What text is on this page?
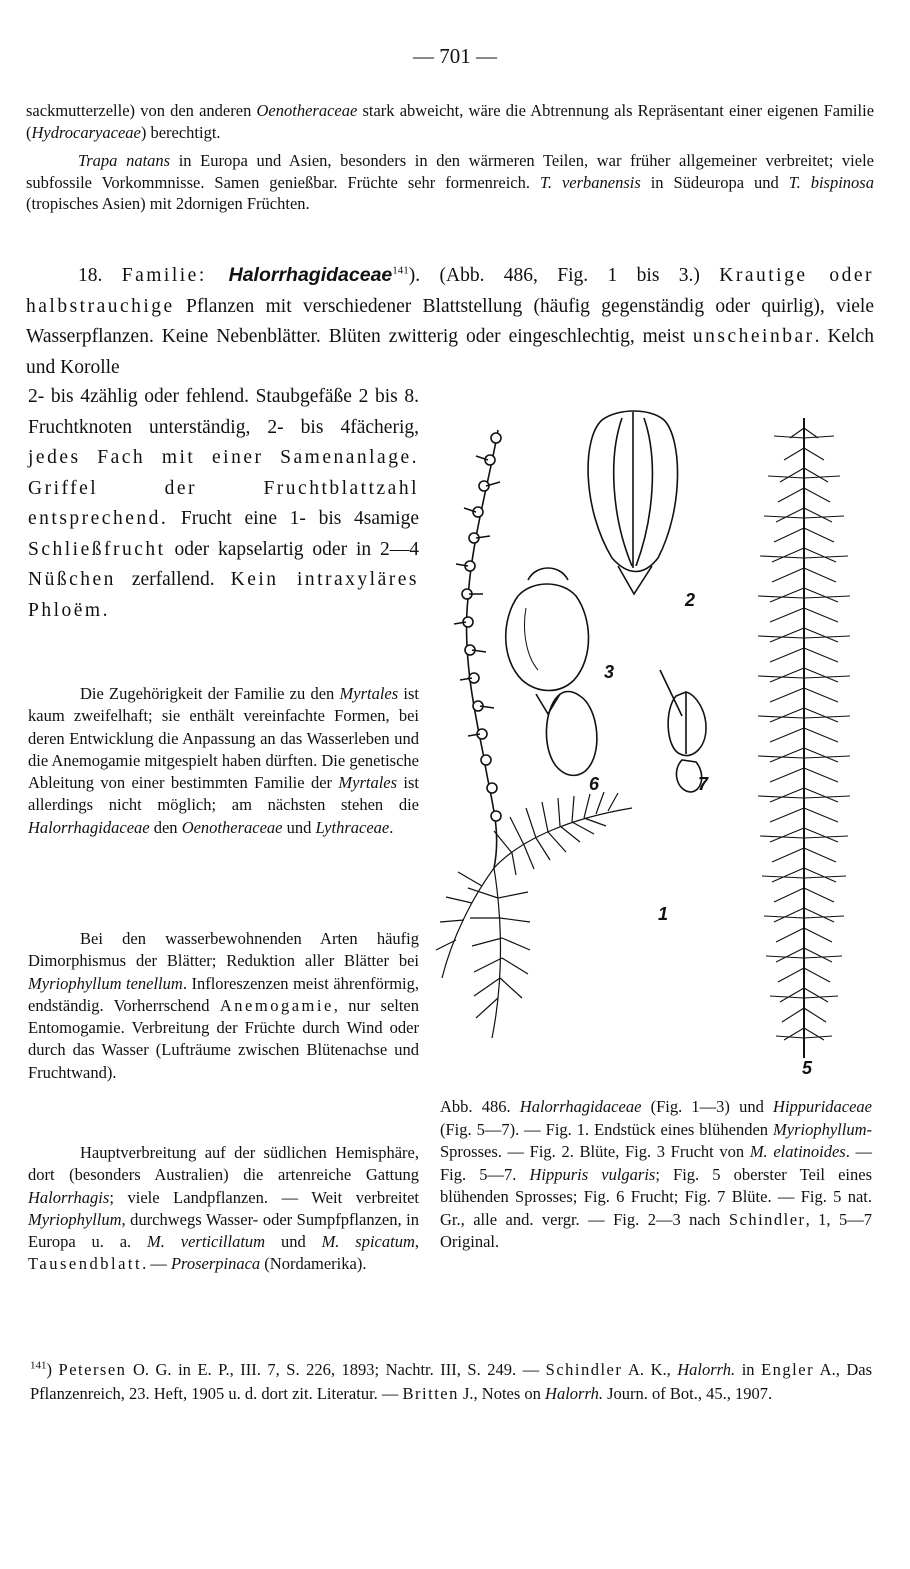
— 701 —

sackmutterzelle) von den anderen Oenotheraceae stark abweicht, wäre die Abtrennung als Repräsentant einer eigenen Familie (Hydrocaryaceae) berechtigt.

Trapa natans in Europa und Asien, besonders in den wärmeren Teilen, war früher allgemeiner verbreitet; viele subfossile Vorkommnisse. Samen genießbar. Früchte sehr formenreich. T. verbanensis in Südeuropa und T. bispinosa (tropisches Asien) mit 2dornigen Früchten.

18. Familie: Halorrhagidaceae$^{141}$). (Abb. 486, Fig. 1 bis 3.) Krautige oder halbstrauchige Pflanzen mit verschiedener Blattstellung (häufig gegenständig oder quirlig), viele Wasserpflanzen. Keine Nebenblätter. Blüten zwitterig oder eingeschlechtig, meist unscheinbar. Kelch und Korolle

2- bis 4zählig oder fehlend. Staubgefäße 2 bis 8. Fruchtknoten unterständig, 2- bis 4fächerig, jedes Fach mit einer Samenanlage. Griffel der Fruchtblattzahl entsprechend. Frucht eine 1- bis 4samige Schließfrucht oder kapselartig oder in 2—4 Nüßchen zerfallend. Kein intraxyläres Phloëm.

Die Zugehörigkeit der Familie zu den Myrtales ist kaum zweifelhaft; sie enthält vereinfachte Formen, bei deren Entwicklung die Anpassung an das Wasserleben und die Anemogamie mitgespielt haben dürften. Die genetische Ableitung von einer bestimmten Familie der Myrtales ist allerdings nicht möglich; am nächsten stehen die Halorrhagidaceae den Oenotheraceae und Lythraceae.

Bei den wasserbewohnenden Arten häufig Dimorphismus der Blätter; Reduktion aller Blätter bei Myriophyllum tenellum. Infloreszenzen meist ährenförmig, endständig. Vorherrschend Anemogamie, nur selten Entomogamie. Verbreitung der Früchte durch Wind oder durch das Wasser (Lufträume zwischen Blütenachse und Fruchtwand).

Hauptverbreitung auf der südlichen Hemisphäre, dort (besonders Australien) die artenreiche Gattung Halorrhagis; viele Landpflanzen. — Weit verbreitet Myriophyllum, durchwegs Wasser- oder Sumpfpflanzen, in Europa u. a. M. verticillatum und M. spicatum, Tausendblatt. — Proserpinaca (Nordamerika).

1
2
3
5
6	7

Abb. 486. Halorrhagidaceae (Fig. 1—3) und Hippuridaceae (Fig. 5—7). — Fig. 1. Endstück eines blühenden Myriophyllum-Sprosses. — Fig. 2. Blüte, Fig. 3 Frucht von M. elatinoides. — Fig. 5—7. Hippuris vulgaris; Fig. 5 oberster Teil eines blühenden Sprosses; Fig. 6 Frucht; Fig. 7 Blüte. — Fig. 5 nat. Gr., alle and. vergr. — Fig. 2—3 nach Schindler, 1, 5—7 Original.

$^{141}$) Petersen O. G. in E. P., III. 7, S. 226, 1893; Nachtr. III, S. 249. — Schindler A. K., Halorrh. in Engler A., Das Pflanzenreich, 23. Heft, 1905 u. d. dort zit. Literatur. — Britten J., Notes on Halorrh. Journ. of Bot., 45., 1907.
